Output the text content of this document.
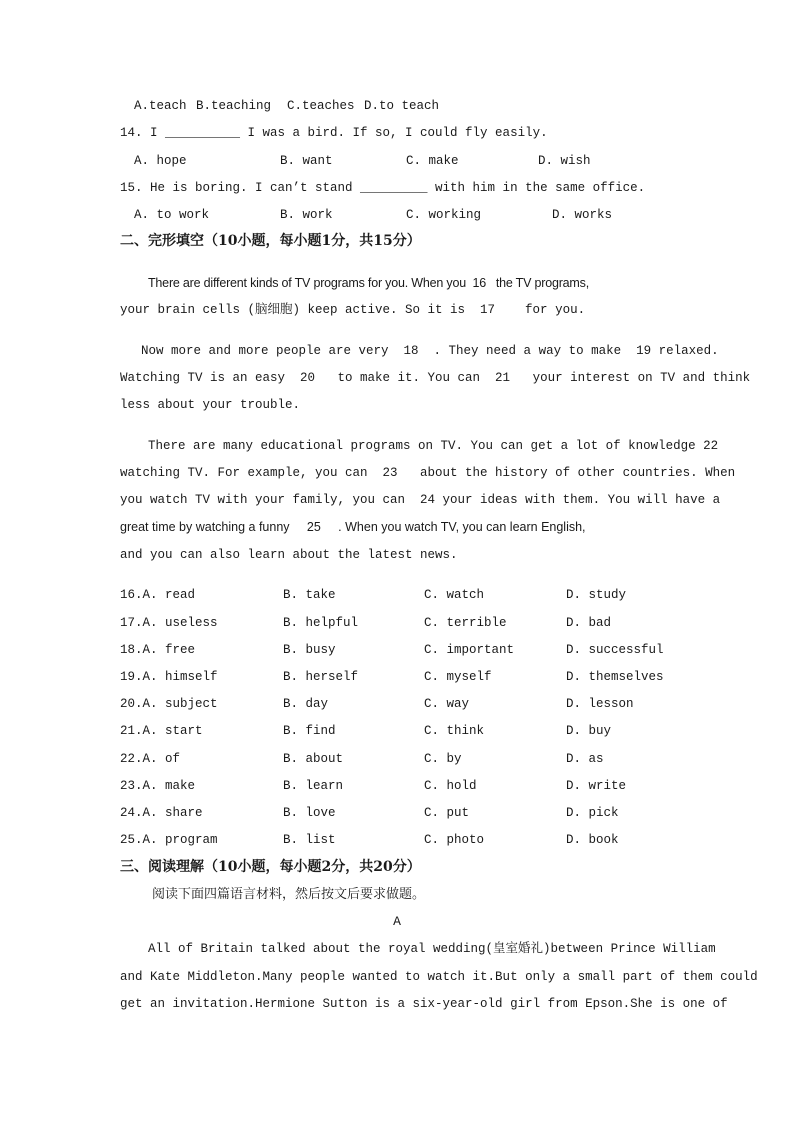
A.teach B.teaching C.teaches D.to teach
14. I __________ I was a bird. If so, I could fly easily.
A. hope	B. want	C. make	D. wish
15. He is boring. I can’t stand _________ with him in the same office.
A. to work	B. work	C. working	D. works
二、完形填空（10小题，每小题1分，共15分）
There are different kinds of TV programs for you. When you  16   the TV programs,
your brain cells (脑细胞) keep active. So it is  17    for you.
Now more and more people are very  18  . They need a way to make  19 relaxed.
Watching TV is an easy  20   to make it. You can  21   your interest on TV and think
less about your trouble.
There are many educational programs on TV. You can get a lot of knowledge 22
watching TV. For example, you can  23   about the history of other countries. When
you watch TV with your family, you can  24 your ideas with them. You will have a
great time by watching a funny     25     . When you watch TV, you can learn English,
and you can also learn about the latest news.
16.A. read	B. take	C. watch	D. study
17.A. useless	B. helpful	C. terrible	D. bad
18.A. free	B. busy	C. important	D. successful
19.A. himself	B. herself	C. myself	D. themselves
20.A. subject	B. day	C. way	D. lesson
21.A. start	B. find	C. think	D. buy
22.A. of	B. about	C. by	D. as
23.A. make	B. learn	C. hold	D. write
24.A. share	B. love	C. put	D. pick
25.A. program	B. list	C. photo	D. book
三、阅读理解（10小题，每小题2分，共20分）
阅读下面四篇语言材料，然后按文后要求做题。
A
All of Britain talked about the royal wedding(皇室婚礼)between Prince William
and Kate Middleton.Many people wanted to watch it.But only a small part of them could
get an invitation.Hermione Sutton is a six-year-old girl from Epson.She is one of
